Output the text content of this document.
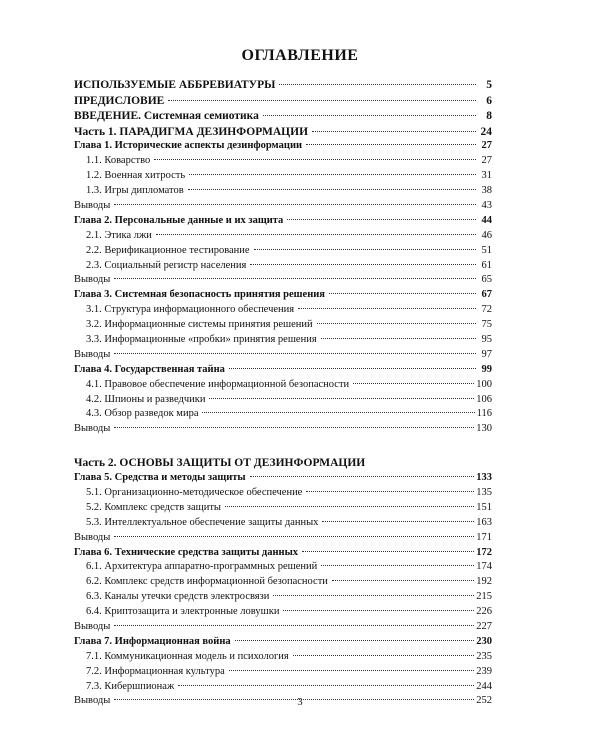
ОГЛАВЛЕНИЕ
ИСПОЛЬЗУЕМЫЕ АББРЕВИАТУРЫ	5
ПРЕДИСЛОВИЕ	6
ВВЕДЕНИЕ. Системная семиотика	8
Часть 1. ПАРАДИГМА ДЕЗИНФОРМАЦИИ	24
Глава 1. Исторические аспекты дезинформации	27
1.1. Коварство	27
1.2. Военная хитрость	31
1.3. Игры дипломатов	38
Выводы	43
Глава 2. Персональные данные и их защита	44
2.1. Этика лжи	46
2.2. Верификационное тестирование	51
2.3. Социальный регистр населения	61
Выводы	65
Глава 3. Системная безопасность принятия решения	67
3.1. Структура информационного обеспечения	72
3.2. Информационные системы принятия решений	75
3.3. Информационные «пробки» принятия решения	95
Выводы	97
Глава 4. Государственная тайна	99
4.1. Правовое обеспечение информационной безопасности	100
4.2. Шпионы и разведчики	106
4.3. Обзор разведок мира	116
Выводы	130
Часть 2. ОСНОВЫ ЗАЩИТЫ ОТ ДЕЗИНФОРМАЦИИ
Глава 5. Средства и методы защиты	133
5.1. Организационно-методическое обеспечение	135
5.2. Комплекс средств защиты	151
5.3. Интеллектуальное обеспечение защиты данных	163
Выводы	171
Глава 6. Технические средства защиты данных	172
6.1. Архитектура аппаратно-программных решений	174
6.2. Комплекс средств информационной безопасности	192
6.3. Каналы утечки средств электросвязи	215
6.4. Криптозащита и электронные ловушки	226
Выводы	227
Глава 7. Информационная война	230
7.1. Коммуникационная модель и психология	235
7.2. Информационная культура	239
7.3. Кибершпионаж	244
Выводы	252
3
